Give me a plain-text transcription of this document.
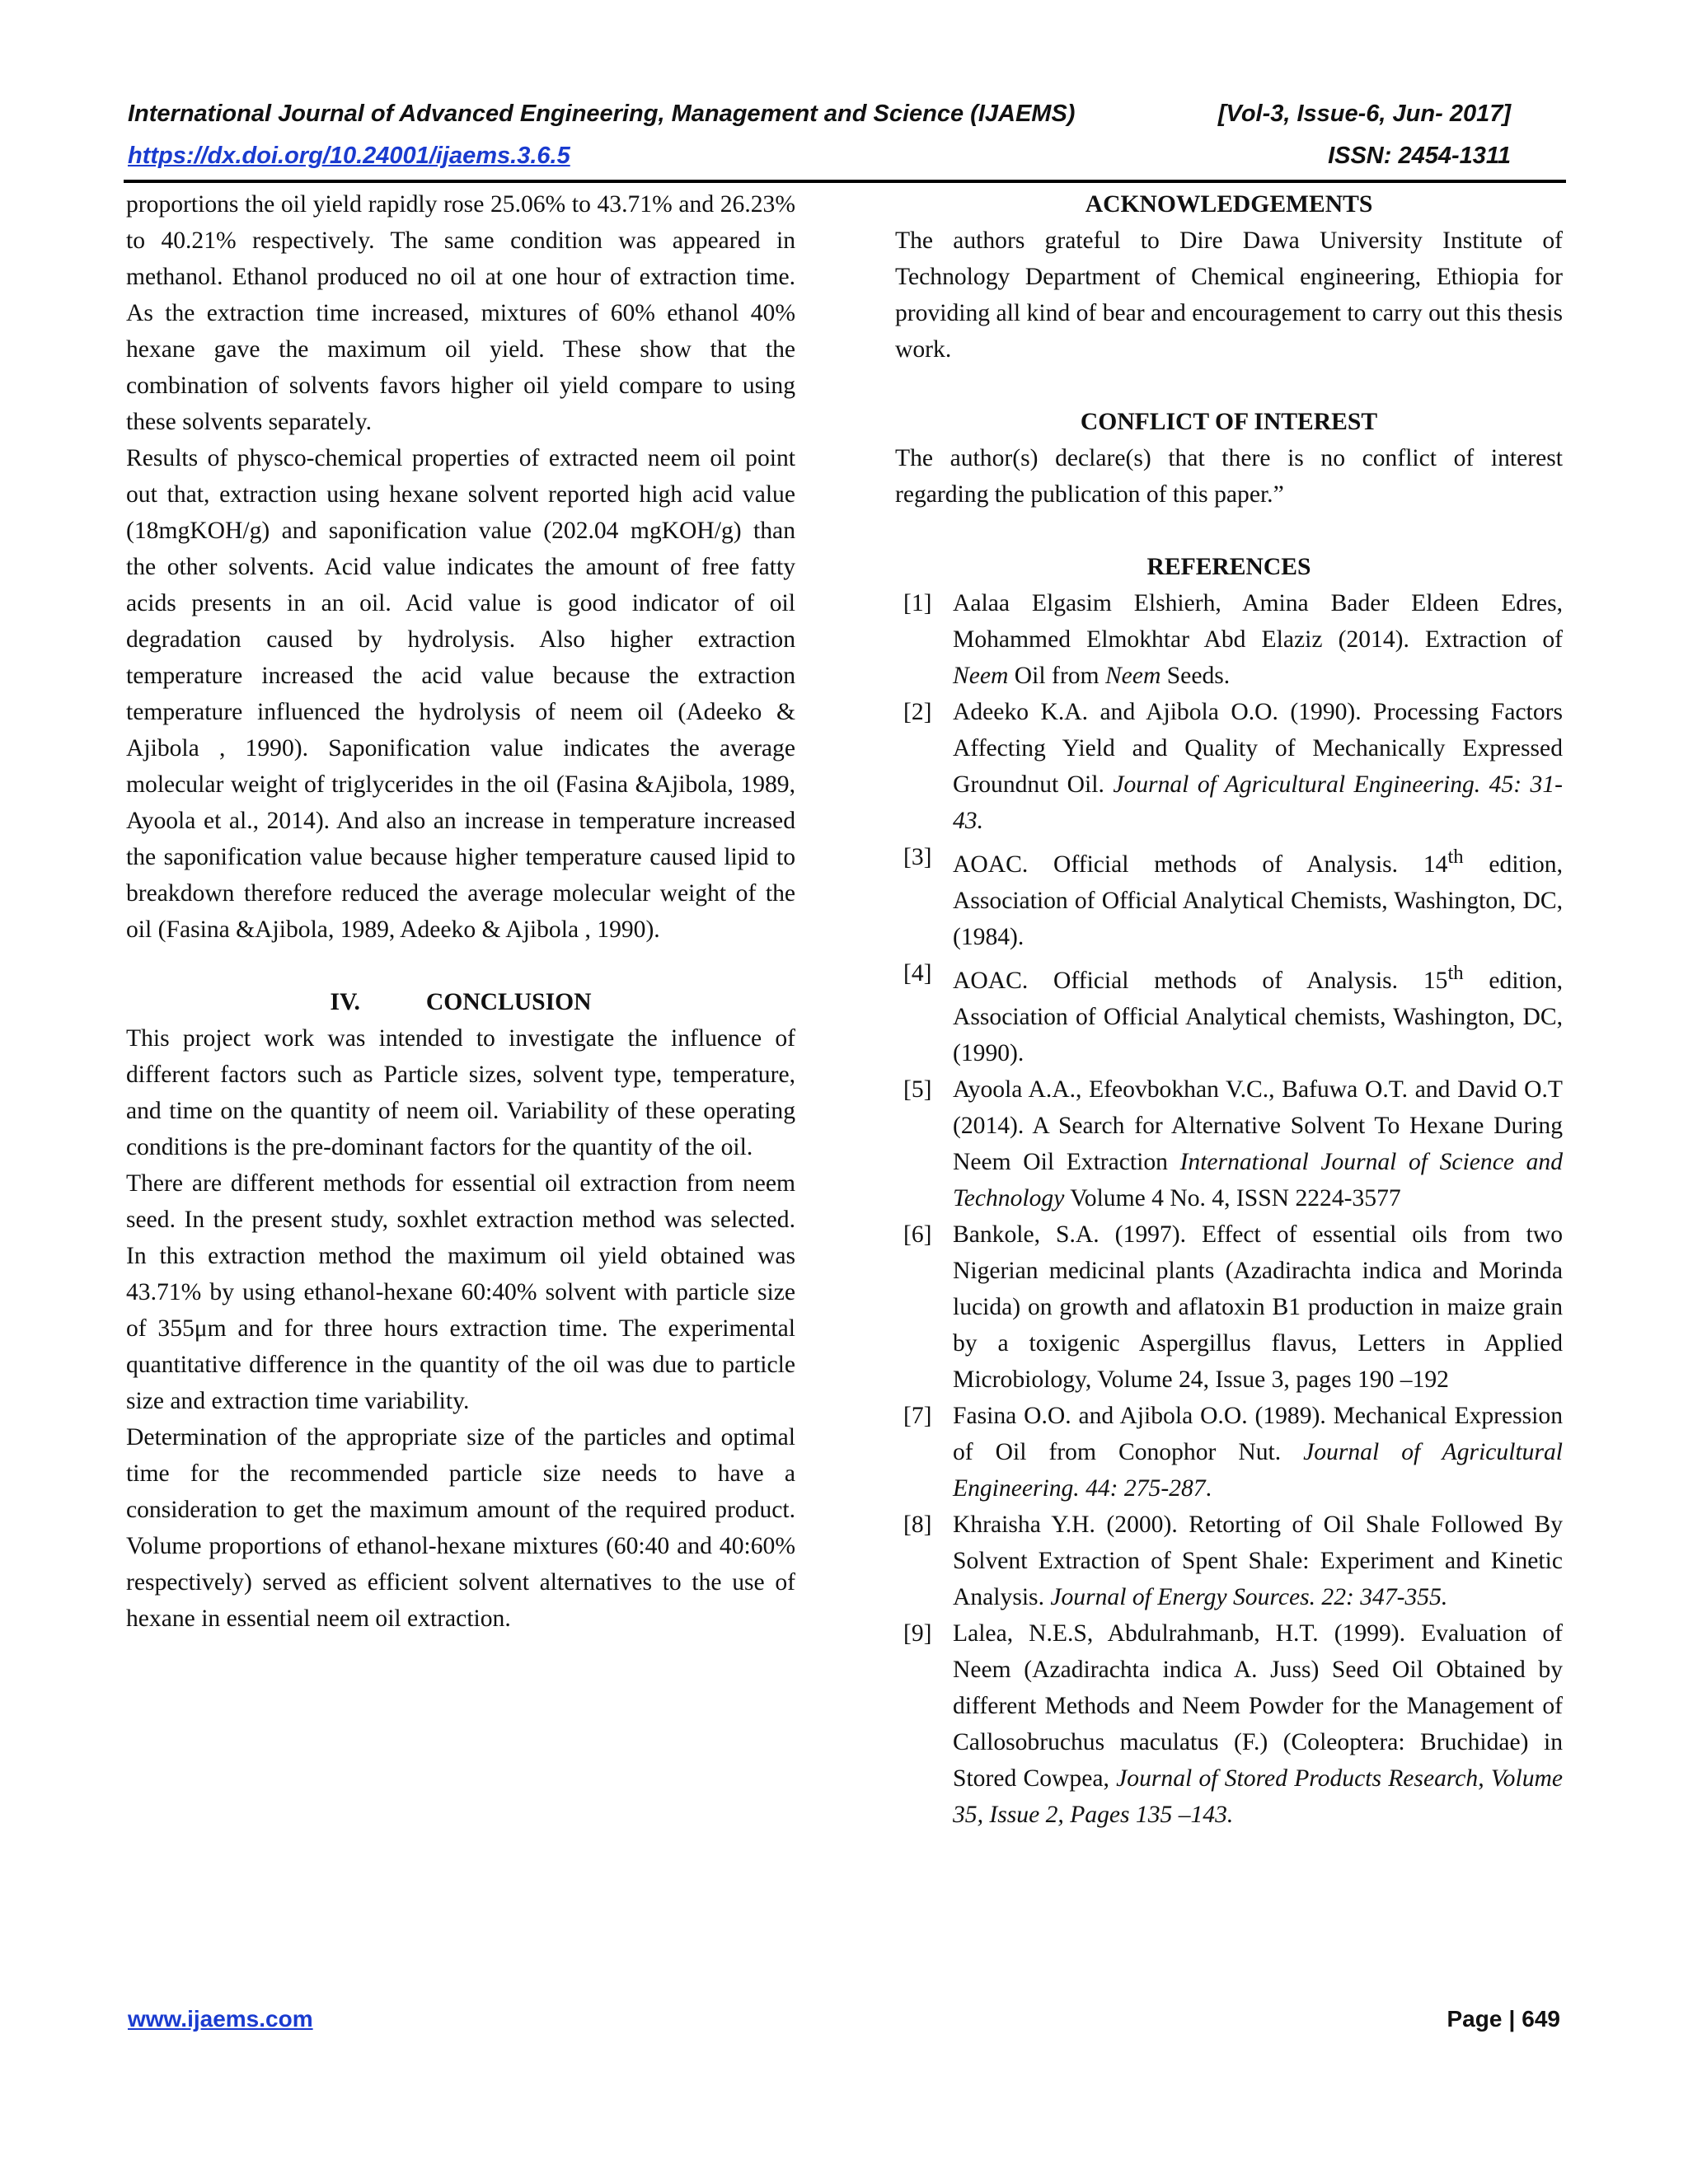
International Journal of Advanced Engineering, Management and Science (IJAEMS)	[Vol-3, Issue-6, Jun- 2017]
https://dx.doi.org/10.24001/ijaems.3.6.5	ISSN: 2454-1311

proportions the oil yield rapidly rose 25.06% to 43.71% and 26.23% to 40.21% respectively. The same condition was appeared in methanol. Ethanol produced no oil at one hour of extraction time. As the extraction time increased, mixtures of 60% ethanol 40% hexane gave the maximum oil yield. These show that the combination of solvents favors higher oil yield compare to using these solvents separately.

Results of physco-chemical properties of extracted neem oil point out that, extraction using hexane solvent reported high acid value (18mgKOH/g) and saponification value (202.04 mgKOH/g) than the other solvents. Acid value indicates the amount of free fatty acids presents in an oil. Acid value is good indicator of oil degradation caused by hydrolysis. Also higher extraction temperature increased the acid value because the extraction temperature influenced the hydrolysis of neem oil (Adeeko & Ajibola , 1990). Saponification value indicates the average molecular weight of triglycerides in the oil (Fasina &Ajibola, 1989, Ayoola et al., 2014). And also an increase in temperature increased the saponification value because higher temperature caused lipid to breakdown therefore reduced the average molecular weight of the oil (Fasina &Ajibola, 1989, Adeeko & Ajibola , 1990).

IV.	CONCLUSION

This project work was intended to investigate the influence of different factors such as Particle sizes, solvent type, temperature, and time on the quantity of neem oil. Variability of these operating conditions is the pre-dominant factors for the quantity of the oil.

There are different methods for essential oil extraction from neem seed. In the present study, soxhlet extraction method was selected. In this extraction method the maximum oil yield obtained was 43.71% by using ethanol-hexane 60:40% solvent with particle size of 355μm and for three hours extraction time. The experimental quantitative difference in the quantity of the oil was due to particle size and extraction time variability.

Determination of the appropriate size of the particles and optimal time for the recommended particle size needs to have a consideration to get the maximum amount of the required product. Volume proportions of ethanol-hexane mixtures (60:40 and 40:60% respectively) served as efficient solvent alternatives to the use of hexane in essential neem oil extraction.

ACKNOWLEDGEMENTS

The authors grateful to Dire Dawa University Institute of Technology Department of Chemical engineering, Ethiopia for providing all kind of bear and encouragement to carry out this thesis work.

CONFLICT OF INTEREST

The author(s) declare(s) that there is no conflict of interest regarding the publication of this paper.”

REFERENCES

[1] Aalaa Elgasim Elshierh, Amina Bader Eldeen Edres, Mohammed Elmokhtar Abd Elaziz (2014). Extraction of Neem Oil from Neem Seeds.
[2] Adeeko K.A. and Ajibola O.O. (1990). Processing Factors Affecting Yield and Quality of Mechanically Expressed Groundnut Oil. Journal of Agricultural Engineering. 45: 31-43.
[3] AOAC. Official methods of Analysis. 14th edition, Association of Official Analytical Chemists, Washington, DC, (1984).
[4] AOAC. Official methods of Analysis. 15th edition, Association of Official Analytical chemists, Washington, DC, (1990).
[5] Ayoola A.A., Efeovbokhan V.C., Bafuwa O.T. and David O.T (2014). A Search for Alternative Solvent To Hexane During Neem Oil Extraction International Journal of Science and Technology Volume 4 No. 4, ISSN 2224-3577
[6] Bankole, S.A. (1997). Effect of essential oils from two Nigerian medicinal plants (Azadirachta indica and Morinda lucida) on growth and aflatoxin B1 production in maize grain by a toxigenic Aspergillus flavus, Letters in Applied Microbiology, Volume 24, Issue 3, pages 190 –192
[7] Fasina O.O. and Ajibola O.O. (1989). Mechanical Expression of Oil from Conophor Nut. Journal of Agricultural Engineering. 44: 275-287.
[8] Khraisha Y.H. (2000). Retorting of Oil Shale Followed By Solvent Extraction of Spent Shale: Experiment and Kinetic Analysis. Journal of Energy Sources. 22: 347-355.
[9] Lalea, N.E.S, Abdulrahmanb, H.T. (1999). Evaluation of Neem (Azadirachta indica A. Juss) Seed Oil Obtained by different Methods and Neem Powder for the Management of Callosobruchus maculatus (F.) (Coleoptera: Bruchidae) in Stored Cowpea, Journal of Stored Products Research, Volume 35, Issue 2, Pages 135 –143.
www.ijaems.com	Page | 649
